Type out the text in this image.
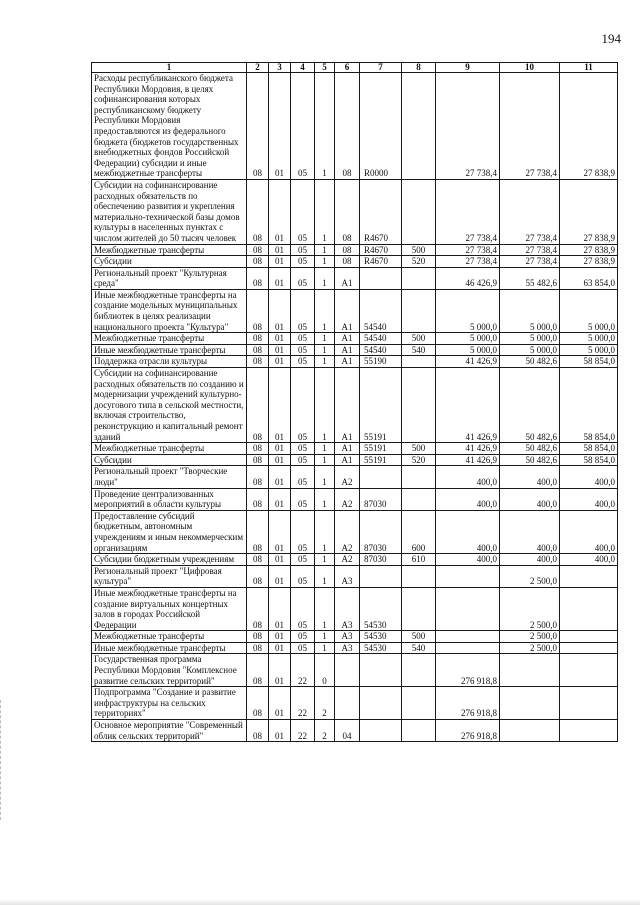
194
1	2	3	4	5	6	7	8	9	10	11
Расходы республиканского бюджета Республики Мордовия, в целях софинансирования которых республиканскому бюджету Республики Мордовия предоставляются из федерального бюджета (бюджетов государственных внебюджетных фондов Российской Федерации) субсидии и иные межбюджетные трансферты	08	01	05	1	08	R0000		27 738,4	27 738,4	27 838,9
Субсидии на софинансирование расходных обязательств по обеспечению развития и укрепления материально-технической базы домов культуры в населенных пунктах с числом жителей до 50 тысяч человек	08	01	05	1	08	R4670		27 738,4	27 738,4	27 838,9
Межбюджетные трансферты	08	01	05	1	08	R4670	500	27 738,4	27 738,4	27 838,9
Субсидии	08	01	05	1	08	R4670	520	27 738,4	27 738,4	27 838,9
Региональный проект "Культурная среда"	08	01	05	1	A1			46 426,9	55 482,6	63 854,0
Иные межбюджетные трансферты на создание модельных муниципальных библиотек в целях реализации национального проекта "Культура"	08	01	05	1	A1	54540		5 000,0	5 000,0	5 000,0
Межбюджетные трансферты	08	01	05	1	A1	54540	500	5 000,0	5 000,0	5 000,0
Иные межбюджетные трансферты	08	01	05	1	A1	54540	540	5 000,0	5 000,0	5 000,0
Поддержка отрасли культуры	08	01	05	1	A1	55190		41 426,9	50 482,6	58 854,0
Субсидии на софинансирование расходных обязательств по созданию и модернизации учреждений культурно-досугового типа в сельской местности, включая строительство, реконструкцию и капитальный ремонт зданий	08	01	05	1	A1	55191		41 426,9	50 482,6	58 854,0
Межбюджетные трансферты	08	01	05	1	A1	55191	500	41 426,9	50 482,6	58 854,0
Субсидии	08	01	05	1	A1	55191	520	41 426,9	50 482,6	58 854,0
Региональный проект "Творческие люди"	08	01	05	1	A2			400,0	400,0	400,0
Проведение централизованных мероприятий в области культуры	08	01	05	1	A2	87030		400,0	400,0	400,0
Предоставление субсидий бюджетным, автономным учреждениям и иным некоммерческим организациям	08	01	05	1	A2	87030	600	400,0	400,0	400,0
Субсидии бюджетным учреждениям	08	01	05	1	A2	87030	610	400,0	400,0	400,0
Региональный проект "Цифровая культура"	08	01	05	1	A3				2 500,0	
Иные межбюджетные трансферты на создание виртуальных концертных залов в городах Российской Федерации	08	01	05	1	A3	54530			2 500,0	
Межбюджетные трансферты	08	01	05	1	A3	54530	500		2 500,0	
Иные межбюджетные трансферты	08	01	05	1	A3	54530	540		2 500,0	
Государственная программа Республики Мордовия "Комплексное развитие сельских территорий"	08	01	22	0				276 918,8		
Подпрограмма "Создание и развитие инфраструктуры на сельских территориях"	08	01	22	2				276 918,8		
Основное мероприятие "Современный облик сельских территорий"	08	01	22	2	04			276 918,8		
